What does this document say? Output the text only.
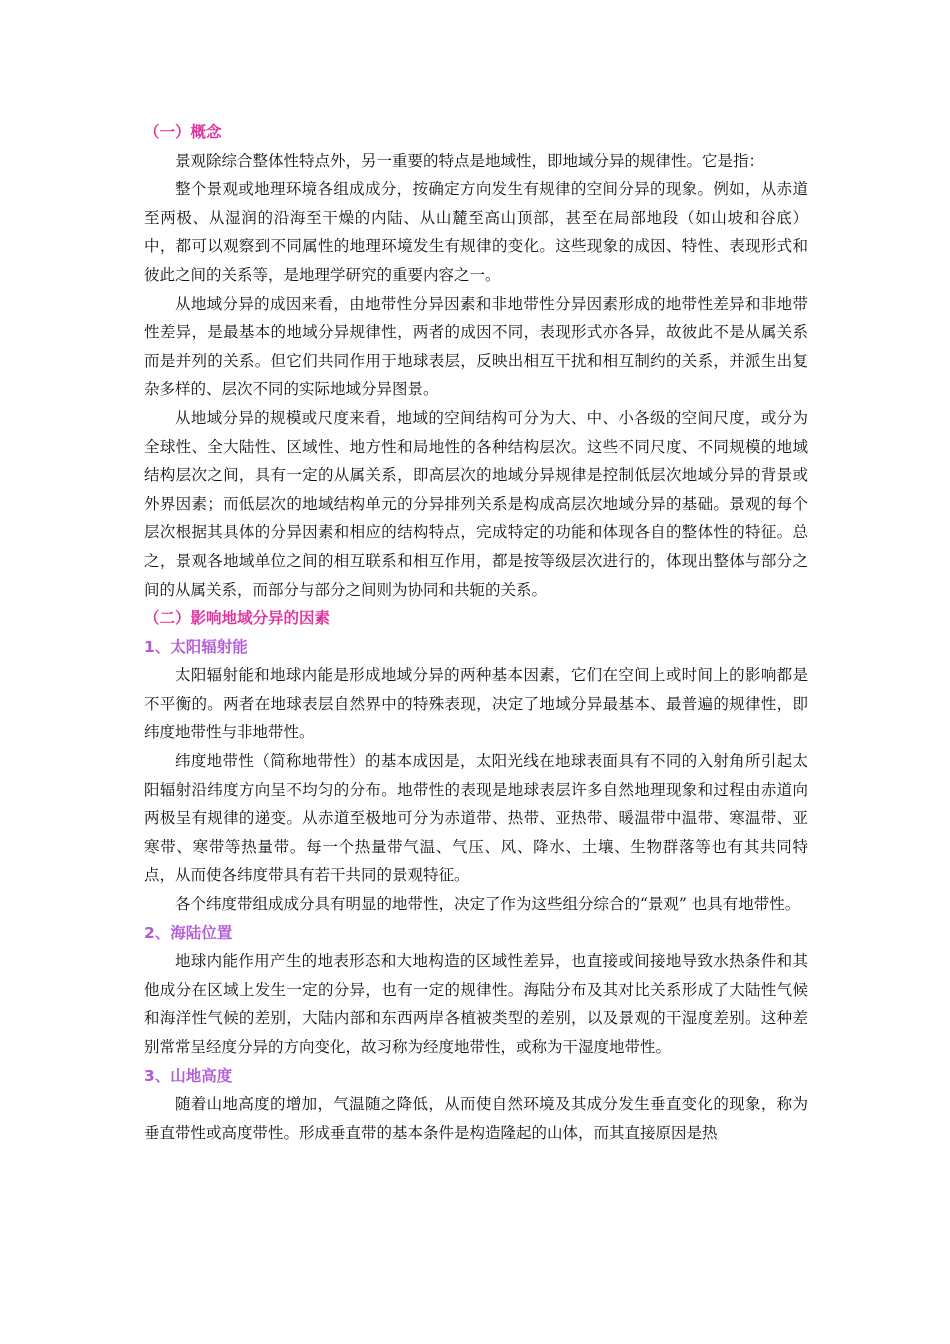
（一）概念

景观除综合整体性特点外，另一重要的特点是地域性，即地域分异的规律性。它是指：

整个景观或地理环境各组成成分，按确定方向发生有规律的空间分异的现象。例如，从赤道至两极、从湿润的沿海至干燥的内陆、从山麓至高山顶部，甚至在局部地段（如山坡和谷底）中，都可以观察到不同属性的地理环境发生有规律的变化。这些现象的成因、特性、表现形式和彼此之间的关系等，是地理学研究的重要内容之一。

从地域分异的成因来看，由地带性分异因素和非地带性分异因素形成的地带性差异和非地带性差异，是最基本的地域分异规律性，两者的成因不同，表现形式亦各异，故彼此不是从属关系而是并列的关系。但它们共同作用于地球表层，反映出相互干扰和相互制约的关系，并派生出复杂多样的、层次不同的实际地域分异图景。

从地域分异的规模或尺度来看，地域的空间结构可分为大、中、小各级的空间尺度，或分为全球性、全大陆性、区域性、地方性和局地性的各种结构层次。这些不同尺度、不同规模的地域结构层次之间，具有一定的从属关系，即高层次的地域分异规律是控制低层次地域分异的背景或外界因素；而低层次的地域结构单元的分异排列关系是构成高层次地域分异的基础。景观的每个层次根据其具体的分异因素和相应的结构特点，完成特定的功能和体现各自的整体性的特征。总之，景观各地域单位之间的相互联系和相互作用，都是按等级层次进行的，体现出整体与部分之间的从属关系，而部分与部分之间则为协同和共轭的关系。

（二）影响地域分异的因素
1、太阳辐射能

太阳辐射能和地球内能是形成地域分异的两种基本因素，它们在空间上或时间上的影响都是不平衡的。两者在地球表层自然界中的特殊表现，决定了地域分异最基本、最普遍的规律性，即纬度地带性与非地带性。

纬度地带性（简称地带性）的基本成因是，太阳光线在地球表面具有不同的入射角所引起太阳辐射沿纬度方向呈不均匀的分布。地带性的表现是地球表层许多自然地理现象和过程由赤道向两极呈有规律的递变。从赤道至极地可分为赤道带、热带、亚热带、暖温带中温带、寒温带、亚寒带、寒带等热量带。每一个热量带气温、气压、风、降水、土壤、生物群落等也有其共同特点，从而使各纬度带具有若干共同的景观特征。

各个纬度带组成成分具有明显的地带性，决定了作为这些组分综合的“景观” 也具有地带性。

2、海陆位置

地球内能作用产生的地表形态和大地构造的区域性差异，也直接或间接地导致水热条件和其他成分在区域上发生一定的分异，也有一定的规律性。海陆分布及其对比关系形成了大陆性气候和海洋性气候的差别，大陆内部和东西两岸各植被类型的差别，以及景观的干湿度差别。这种差别常常呈经度分异的方向变化，故习称为经度地带性，或称为干湿度地带性。

3、山地高度

随着山地高度的增加，气温随之降低，从而使自然环境及其成分发生垂直变化的现象，称为垂直带性或高度带性。形成垂直带的基本条件是构造隆起的山体，而其直接原因是热
